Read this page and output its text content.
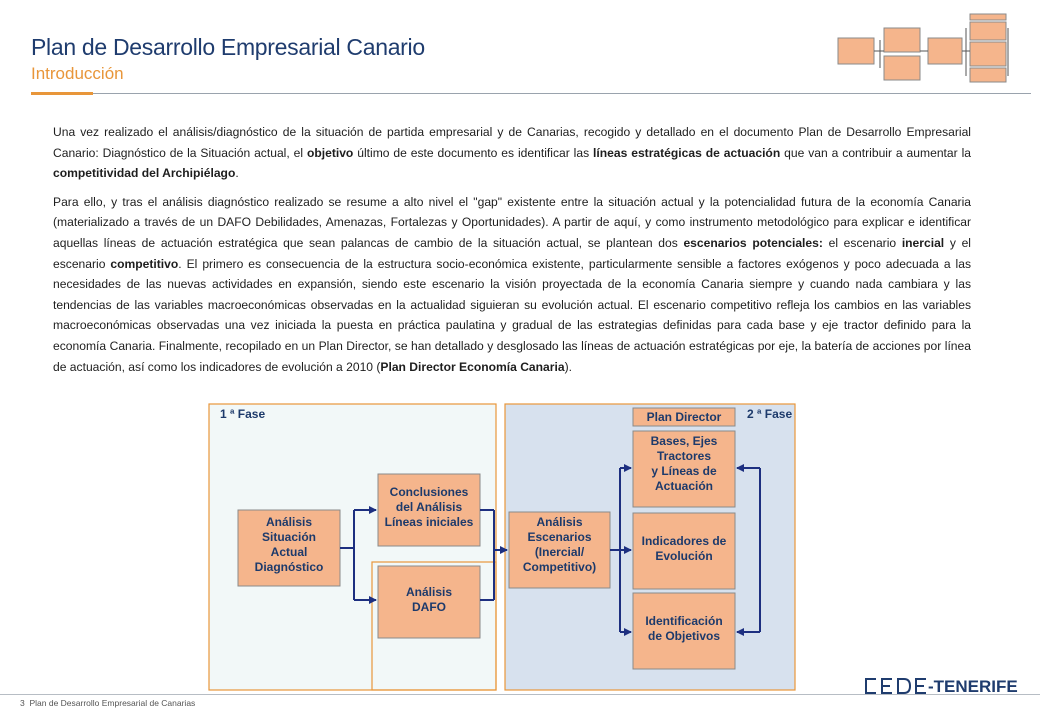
Plan de Desarrollo Empresarial Canario
Introducción

Una vez realizado el análisis/diagnóstico de la situación de partida empresarial y de Canarias, recogido y detallado en el documento Plan de Desarrollo Empresarial Canario: Diagnóstico de la Situación actual, el objetivo último de este documento es identificar las líneas estratégicas de actuación que van a contribuir a aumentar la competitividad del Archipiélago.

Para ello, y tras el análisis diagnóstico realizado se resume a alto nivel el "gap" existente entre la situación actual y la potencialidad futura de la economía Canaria (materializado a través de un DAFO Debilidades, Amenazas, Fortalezas y Oportunidades). A partir de aquí, y como instrumento metodológico para explicar e identificar aquellas líneas de actuación estratégica que sean palancas de cambio de la situación actual, se plantean dos escenarios potenciales: el escenario inercial y el escenario competitivo. El primero es consecuencia de la estructura socio-económica existente, particularmente sensible a factores exógenos y poco adecuada a las necesidades de las nuevas actividades en expansión, siendo este escenario la visión proyectada de la economía Canaria siempre y cuando nada cambiara y las tendencias de las variables macroeconómicas observadas en la actualidad siguieran su evolución actual. El escenario competitivo refleja los cambios en las variables macroeconómicas observadas una vez iniciada la puesta en práctica paulatina y gradual de las estrategias definidas para cada base y eje tractor definido para la economía Canaria. Finalmente, recopilado en un Plan Director, se han detallado y desglosado las líneas de actuación estratégicas por eje, la batería de acciones por línea de actuación, así como los indicadores de evolución a 2010 (Plan Director Economía Canaria).

1 ª Fase	2 ª Fase
Análisis Situación Actual Diagnóstico
Conclusiones del Análisis Líneas iniciales
Análisis DAFO
Análisis Escenarios (Inercial/ Competitivo)
Plan Director
Bases, Ejes Tractores y Líneas de Actuación
Indicadores de Evolución
Identificación de Objetivos
3 Plan de Desarrollo Empresarial de Canarias
-TENERIFE
